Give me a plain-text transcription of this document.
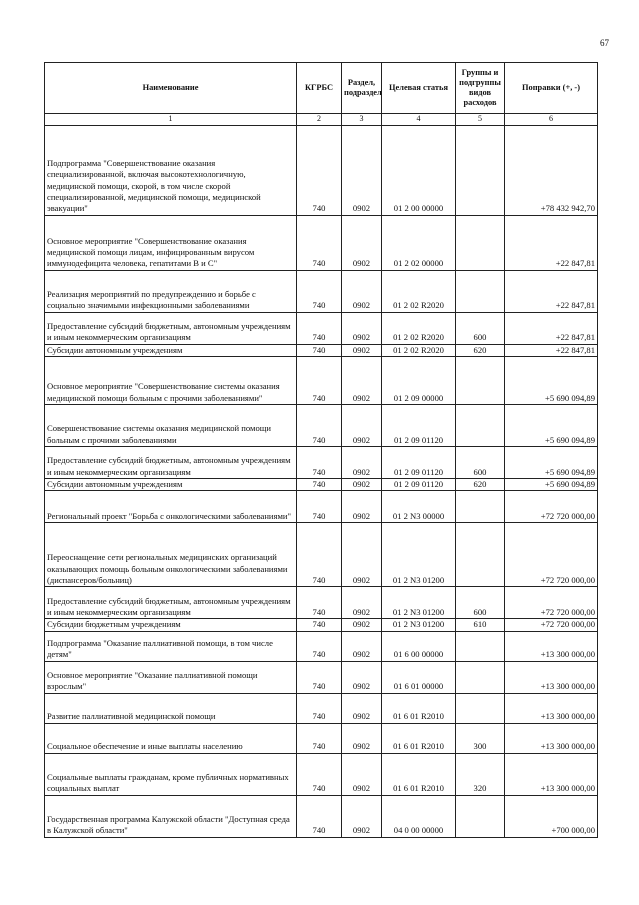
67
Наименование	КГРБС	Раздел, подраздел	Целевая статья	Группы и подгруппы видов расходов	Поправки (+, -)
1	2	3	4	5	6
Подпрограмма "Совершенствование оказания специализированной, включая высокотехнологичную, медицинской помощи, скорой, в том числе скорой специализированной, медицинской помощи, медицинской эвакуации"	740	0902	01 2 00 00000		+78 432 942,70
Основное мероприятие "Совершенствование оказания медицинской помощи лицам, инфицированным вирусом иммунодефицита человека, гепатитами В и С"	740	0902	01 2 02 00000		+22 847,81
Реализация мероприятий по предупреждению и борьбе с социально значимыми инфекционными заболеваниями	740	0902	01 2 02 R2020		+22 847,81
Предоставление субсидий бюджетным, автономным учреждениям и иным некоммерческим организациям	740	0902	01 2 02 R2020	600	+22 847,81
Субсидии автономным учреждениям	740	0902	01 2 02 R2020	620	+22 847,81
Основное мероприятие "Совершенствование системы оказания медицинской помощи больным с прочими заболеваниями"	740	0902	01 2 09 00000		+5 690 094,89
Совершенствование системы оказания медицинской помощи больным с прочими заболеваниями	740	0902	01 2 09 01120		+5 690 094,89
Предоставление субсидий бюджетным, автономным учреждениям и иным некоммерческим организациям	740	0902	01 2 09 01120	600	+5 690 094,89
Субсидии автономным учреждениям	740	0902	01 2 09 01120	620	+5 690 094,89
Региональный проект "Борьба с онкологическими заболеваниями"	740	0902	01 2 N3 00000		+72 720 000,00
Переоснащение сети региональных медицинских организаций оказывающих помощь больным онкологическими заболеваниями (диспансеров/больниц)	740	0902	01 2 N3 01200		+72 720 000,00
Предоставление субсидий бюджетным, автономным учреждениям и иным некоммерческим организациям	740	0902	01 2 N3 01200	600	+72 720 000,00
Субсидии бюджетным учреждениям	740	0902	01 2 N3 01200	610	+72 720 000,00
Подпрограмма "Оказание паллиативной помощи, в том числе детям"	740	0902	01 6 00 00000		+13 300 000,00
Основное мероприятие "Оказание паллиативной помощи взрослым"	740	0902	01 6 01 00000		+13 300 000,00
Развитие паллиативной медицинской помощи	740	0902	01 6 01 R2010		+13 300 000,00
Социальное обеспечение и иные выплаты населению	740	0902	01 6 01 R2010	300	+13 300 000,00
Социальные выплаты гражданам, кроме публичных нормативных социальных выплат	740	0902	01 6 01 R2010	320	+13 300 000,00
Государственная программа Калужской области "Доступная среда в Калужской области"	740	0902	04 0 00 00000		+700 000,00
